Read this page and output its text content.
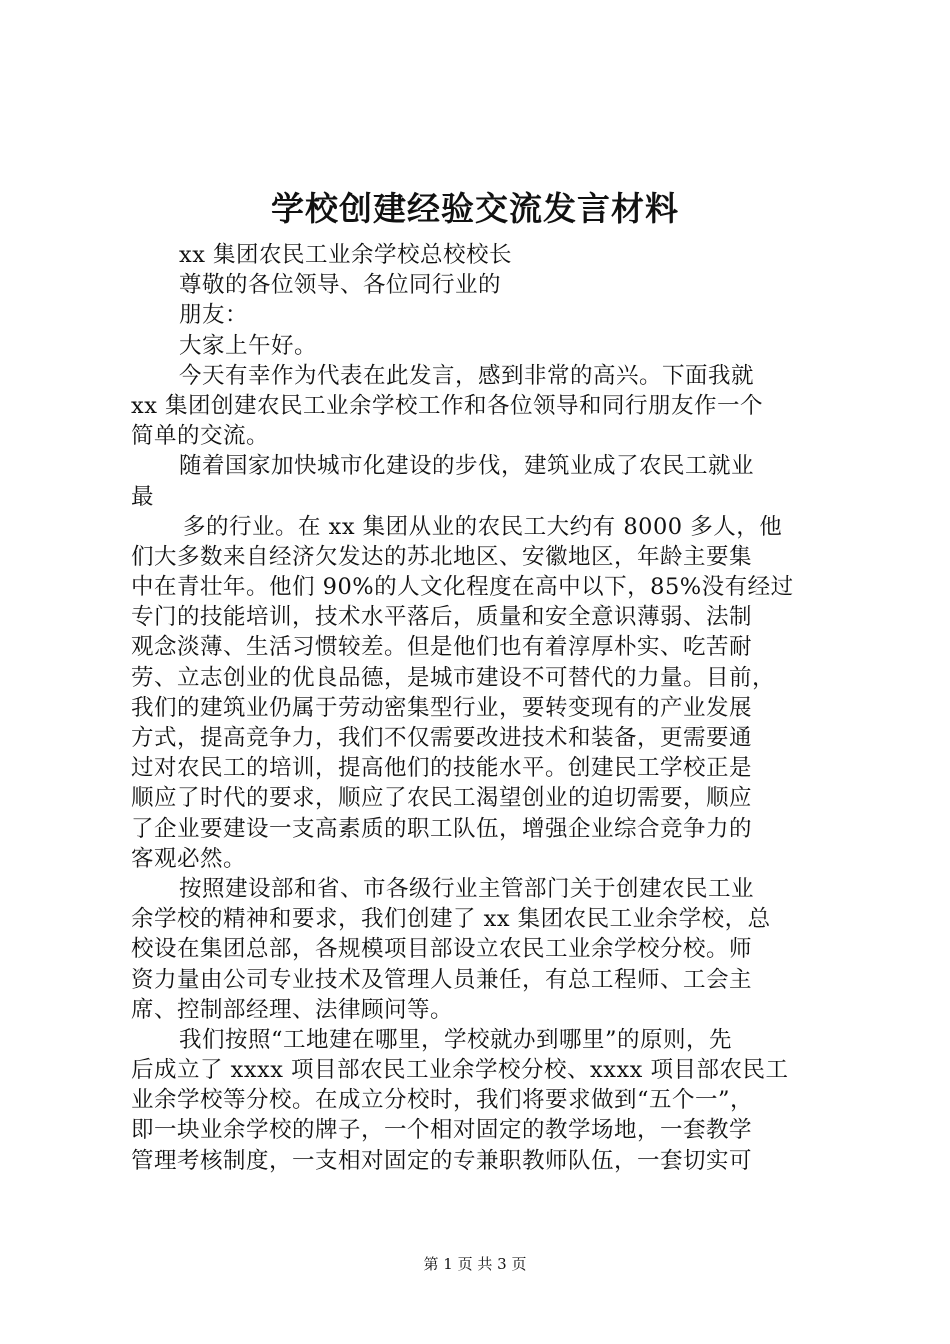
学校创建经验交流发言材料
xx 集团农民工业余学校总校校长
尊敬的各位领导、各位同行业的
朋友：
大家上午好。
今天有幸作为代表在此发言，感到非常的高兴。下面我就
xx 集团创建农民工业余学校工作和各位领导和同行朋友作一个
简单的交流。
随着国家加快城市化建设的步伐，建筑业成了农民工就业
最
多的行业。在 xx 集团从业的农民工大约有 8000 多人，他
们大多数来自经济欠发达的苏北地区、安徽地区，年龄主要集
中在青壮年。他们 90%的人文化程度在高中以下，85%没有经过
专门的技能培训，技术水平落后，质量和安全意识薄弱、法制
观念淡薄、生活习惯较差。但是他们也有着淳厚朴实、吃苦耐
劳、立志创业的优良品德，是城市建设不可替代的力量。目前，
我们的建筑业仍属于劳动密集型行业，要转变现有的产业发展
方式，提高竞争力，我们不仅需要改进技术和装备，更需要通
过对农民工的培训，提高他们的技能水平。创建民工学校正是
顺应了时代的要求，顺应了农民工渴望创业的迫切需要，顺应
了企业要建设一支高素质的职工队伍，增强企业综合竞争力的
客观必然。
按照建设部和省、市各级行业主管部门关于创建农民工业
余学校的精神和要求，我们创建了 xx 集团农民工业余学校，总
校设在集团总部，各规模项目部设立农民工业余学校分校。师
资力量由公司专业技术及管理人员兼任，有总工程师、工会主
席、控制部经理、法律顾问等。
我们按照“工地建在哪里，学校就办到哪里”的原则，先
后成立了 xxxx 项目部农民工业余学校分校、xxxx 项目部农民工
业余学校等分校。在成立分校时，我们将要求做到“五个一”，
即一块业余学校的牌子，一个相对固定的教学场地，一套教学
管理考核制度，一支相对固定的专兼职教师队伍，一套切实可
第 1 页 共 3 页
